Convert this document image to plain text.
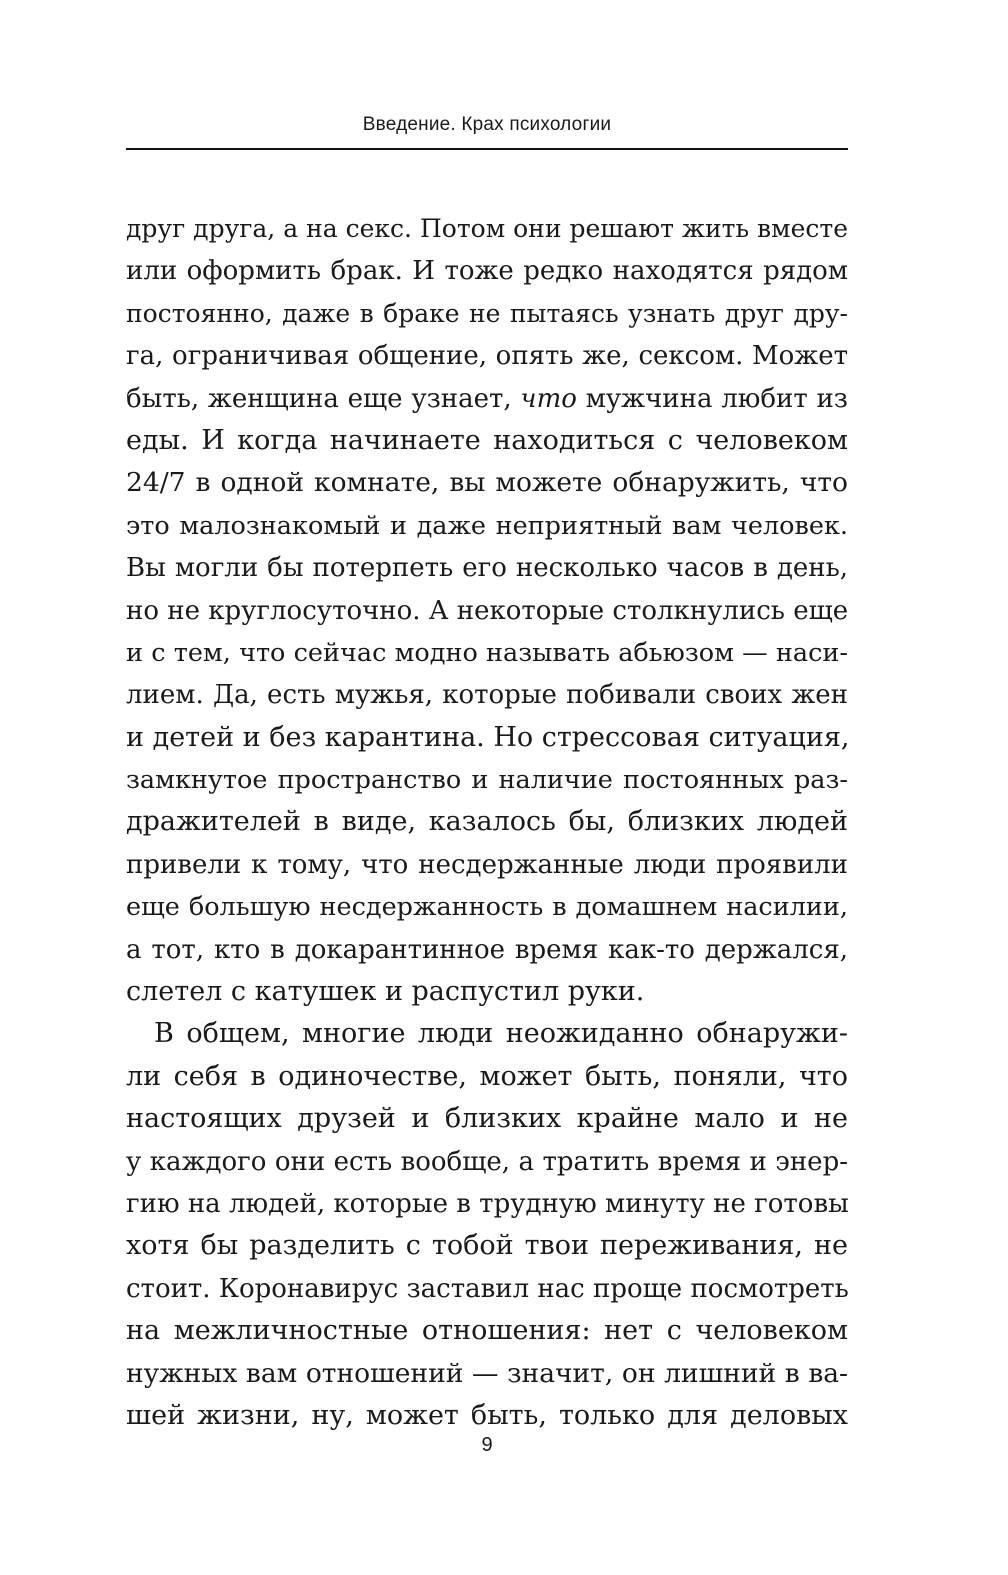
Введение. Крах психологии
друг друга, а на секс. Потом они решают жить вместе
или оформить брак. И тоже редко находятся рядом
постоянно, даже в браке не пытаясь узнать друг дру-
га, ограничивая общение, опять же, сексом. Может
быть, женщина еще узнает, что мужчина любит из
еды. И когда начинаете находиться с человеком
24/7 в одной комнате, вы можете обнаружить, что
это малознакомый и даже неприятный вам человек.
Вы могли бы потерпеть его несколько часов в день,
но не круглосуточно. А некоторые столкнулись еще
и с тем, что сейчас модно называть абьюзом — наси-
лием. Да, есть мужья, которые побивали своих жен
и детей и без карантина. Но стрессовая ситуация,
замкнутое пространство и наличие постоянных раз-
дражителей в виде, казалось бы, близких людей
привели к тому, что несдержанные люди проявили
еще большую несдержанность в домашнем насилии,
а тот, кто в докарантинное время как-то держался,
слетел с катушек и распустил руки.
В общем, многие люди неожиданно обнаружи-
ли себя в одиночестве, может быть, поняли, что
настоящих друзей и близких крайне мало и не
у каждого они есть вообще, а тратить время и энер-
гию на людей, которые в трудную минуту не готовы
хотя бы разделить с тобой твои переживания, не
стоит. Коронавирус заставил нас проще посмотреть
на межличностные отношения: нет с человеком
нужных вам отношений — значит, он лишний в ва-
шей жизни, ну, может быть, только для деловых
9
